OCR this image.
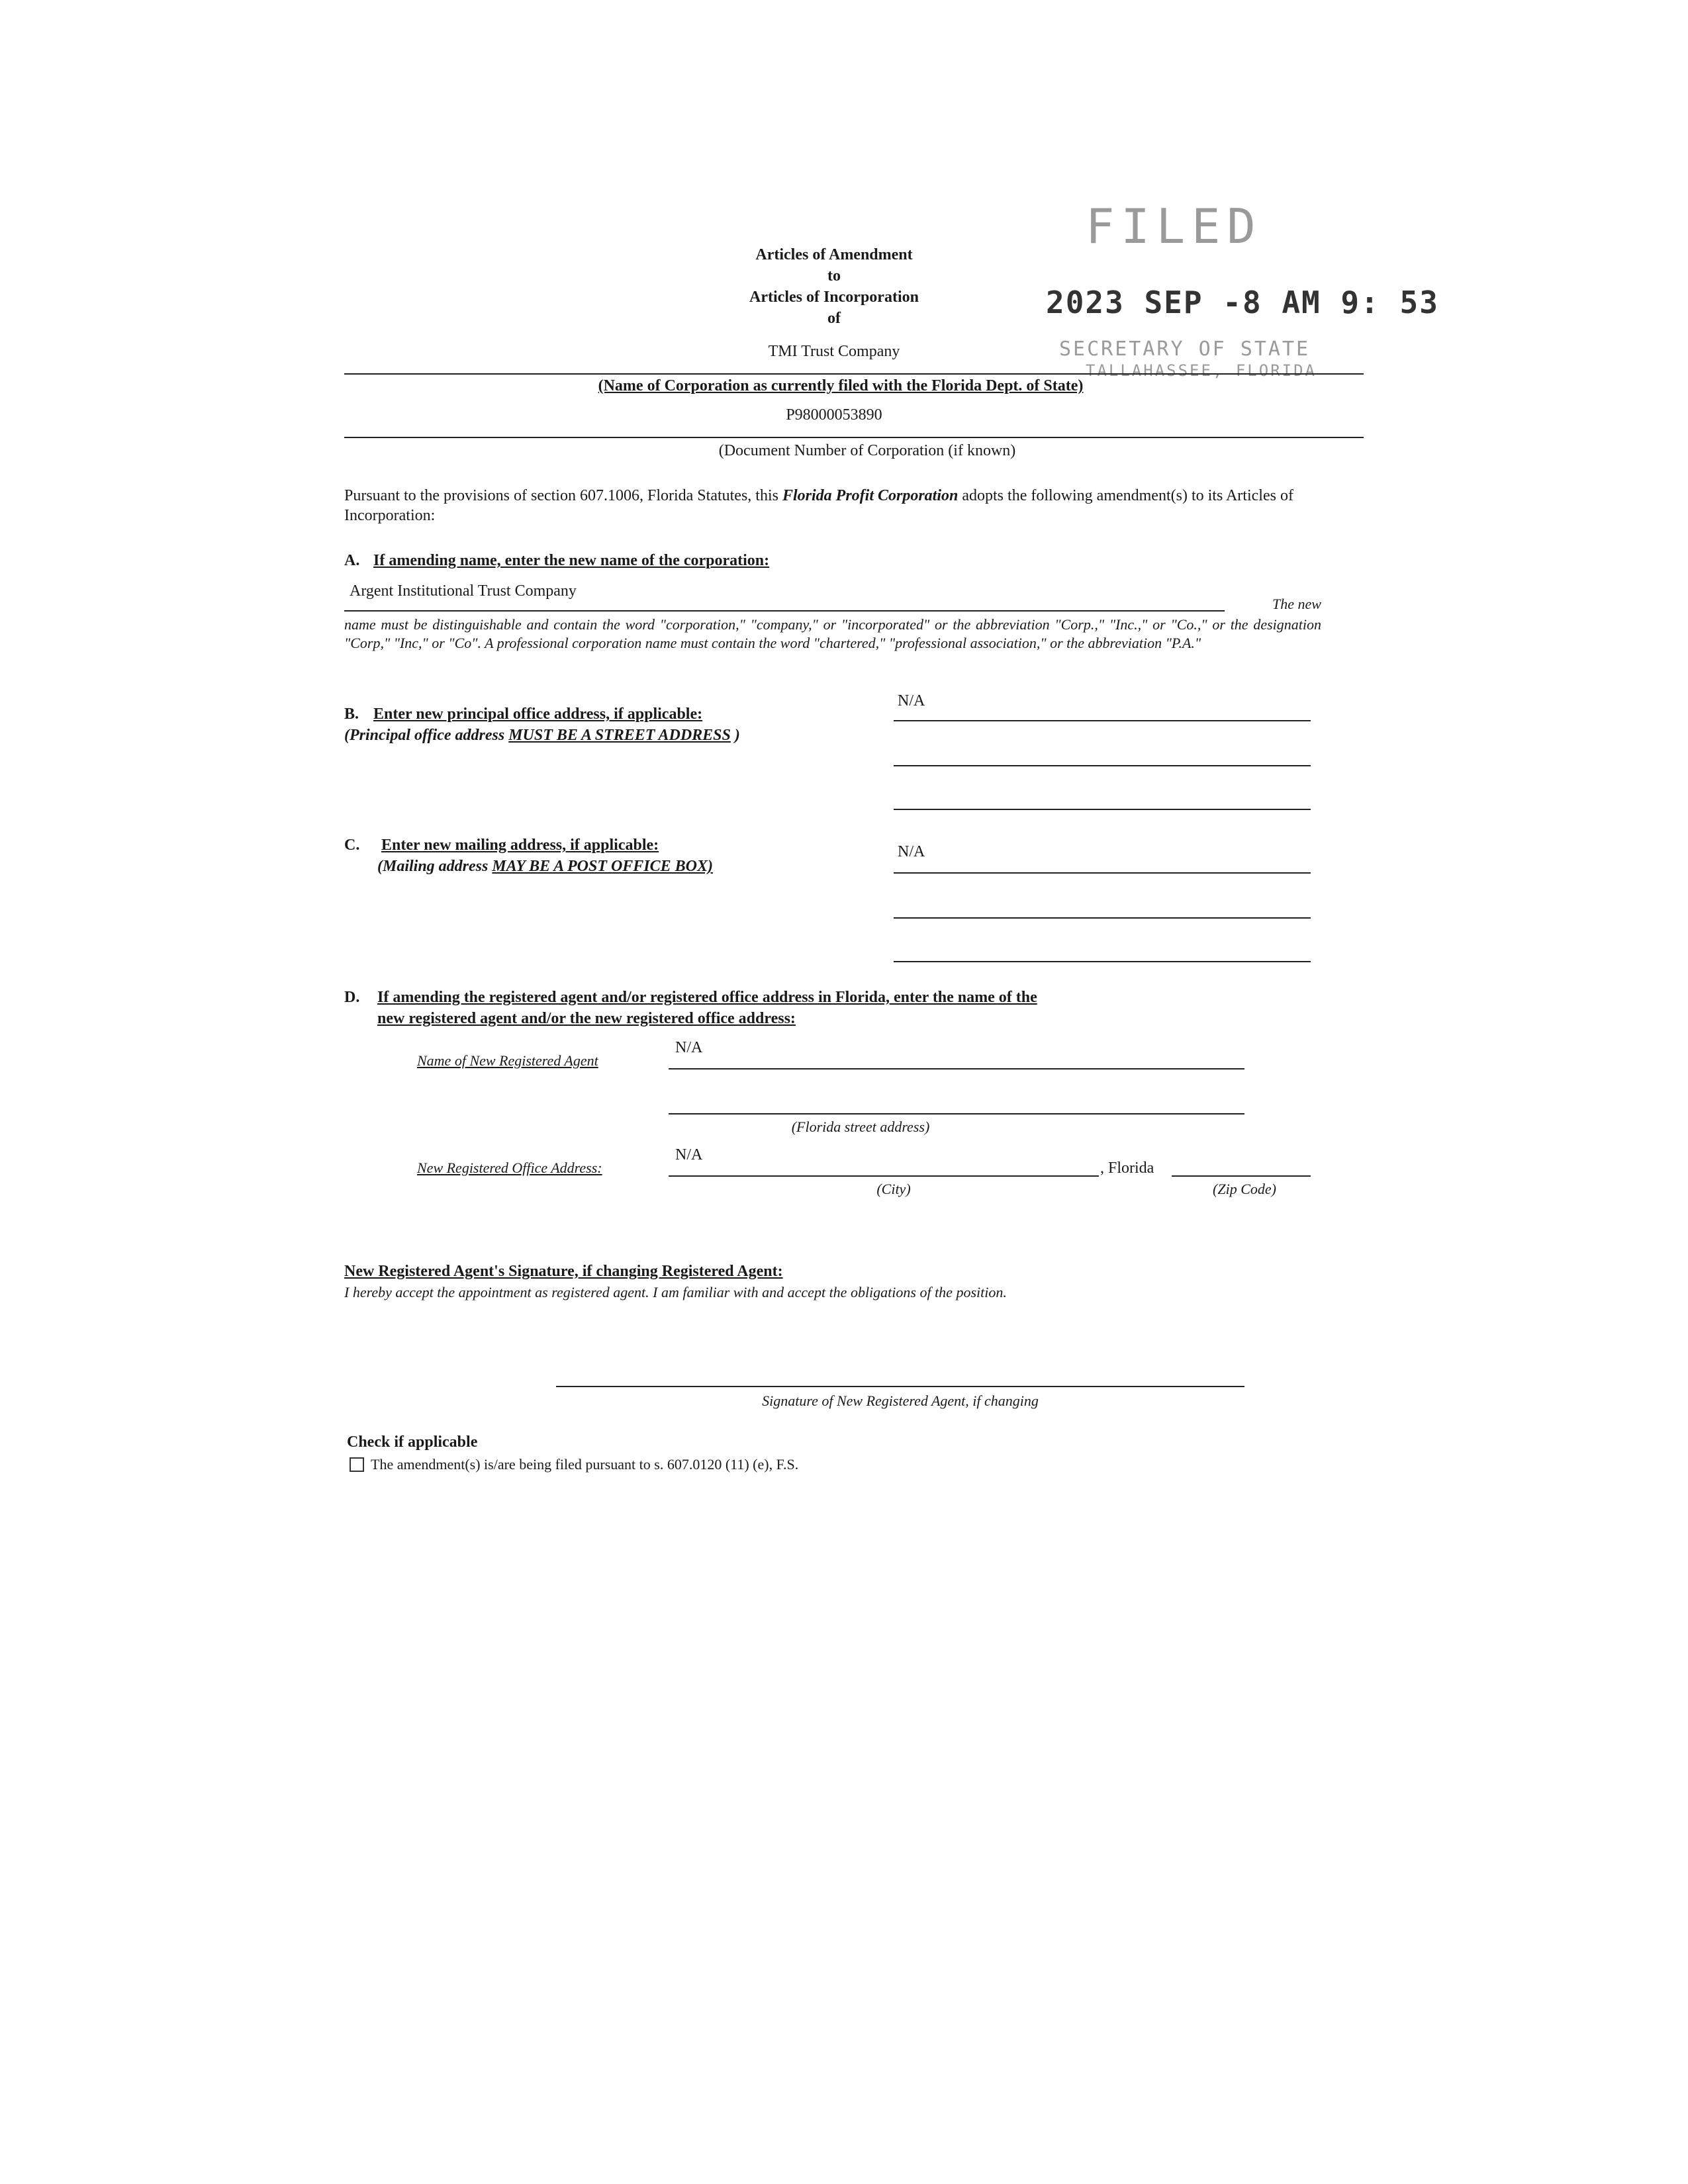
Articles of Amendment
to
Articles of Incorporation
of
FILED
2023 SEP -8 AM 9: 53
SECRETARY OF STATE
TALLAHASSEE, FLORIDA
TMI Trust Company
(Name of Corporation as currently filed with the Florida Dept. of State)
P98000053890
(Document Number of Corporation (if known)
Pursuant to the provisions of section 607.1006, Florida Statutes, this Florida Profit Corporation adopts the following amendment(s) to its Articles of Incorporation:
A. If amending name, enter the new name of the corporation:
Argent Institutional Trust Company
The new
name must be distinguishable and contain the word "corporation," "company," or "incorporated" or the abbreviation "Corp.," "Inc.," or "Co.," or the designation "Corp," "Inc," or "Co". A professional corporation name must contain the word "chartered," "professional association," or the abbreviation "P.A."
B. Enter new principal office address, if applicable:
(Principal office address MUST BE A STREET ADDRESS )
N/A
C. Enter new mailing address, if applicable:
(Mailing address MAY BE A POST OFFICE BOX)
N/A
D. If amending the registered agent and/or registered office address in Florida, enter the name of the
new registered agent and/or the new registered office address:
Name of New Registered Agent
N/A
(Florida street address)
New Registered Office Address:
N/A
, Florida
(City)	(Zip Code)
New Registered Agent's Signature, if changing Registered Agent:
I hereby accept the appointment as registered agent. I am familiar with and accept the obligations of the position.
Signature of New Registered Agent, if changing
Check if applicable
The amendment(s) is/are being filed pursuant to s. 607.0120 (11) (e), F.S.
